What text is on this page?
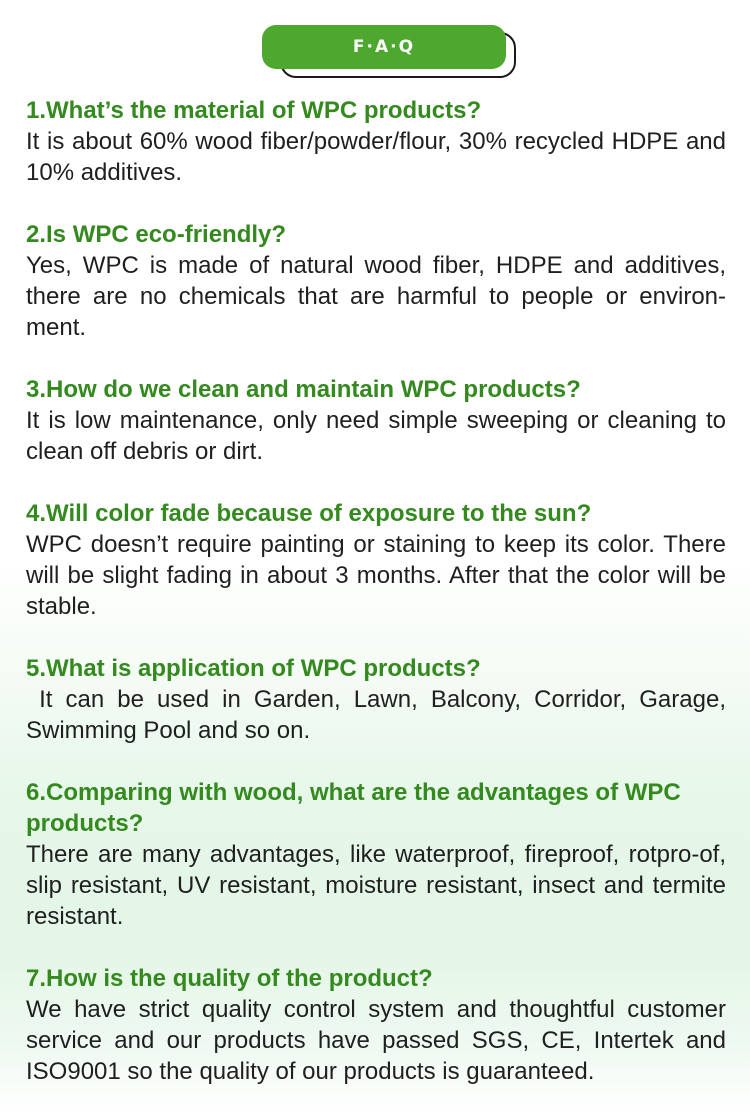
F·A·Q

1.What’s the material of WPC products?

It is about 60% wood fiber/powder/flour, 30% recycled HDPE and 10% additives.

2.Is WPC eco-friendly?

Yes, WPC is made of natural wood fiber, HDPE and additives, there are no chemicals that are harmful to people or environ-ment.

3.How do we clean and maintain WPC products?

It is low maintenance, only need simple sweeping or cleaning to clean off debris or dirt.

4.Will color fade because of exposure to the sun?

WPC doesn’t require painting or staining to keep its color. There will be slight fading in about 3 months. After that the color will be stable.

5.What is application of WPC products?

It can be used in Garden, Lawn, Balcony, Corridor, Garage, Swimming Pool and so on.

6.Comparing with wood, what are the advantages of WPC products?

There are many advantages, like waterproof, fireproof, rotpro-of, slip resistant, UV resistant, moisture resistant, insect and termite resistant.

7.How is the quality of the product?

We have strict quality control system and thoughtful customer service and our products have passed SGS, CE, Intertek and ISO9001 so the quality of our products is guaranteed.
